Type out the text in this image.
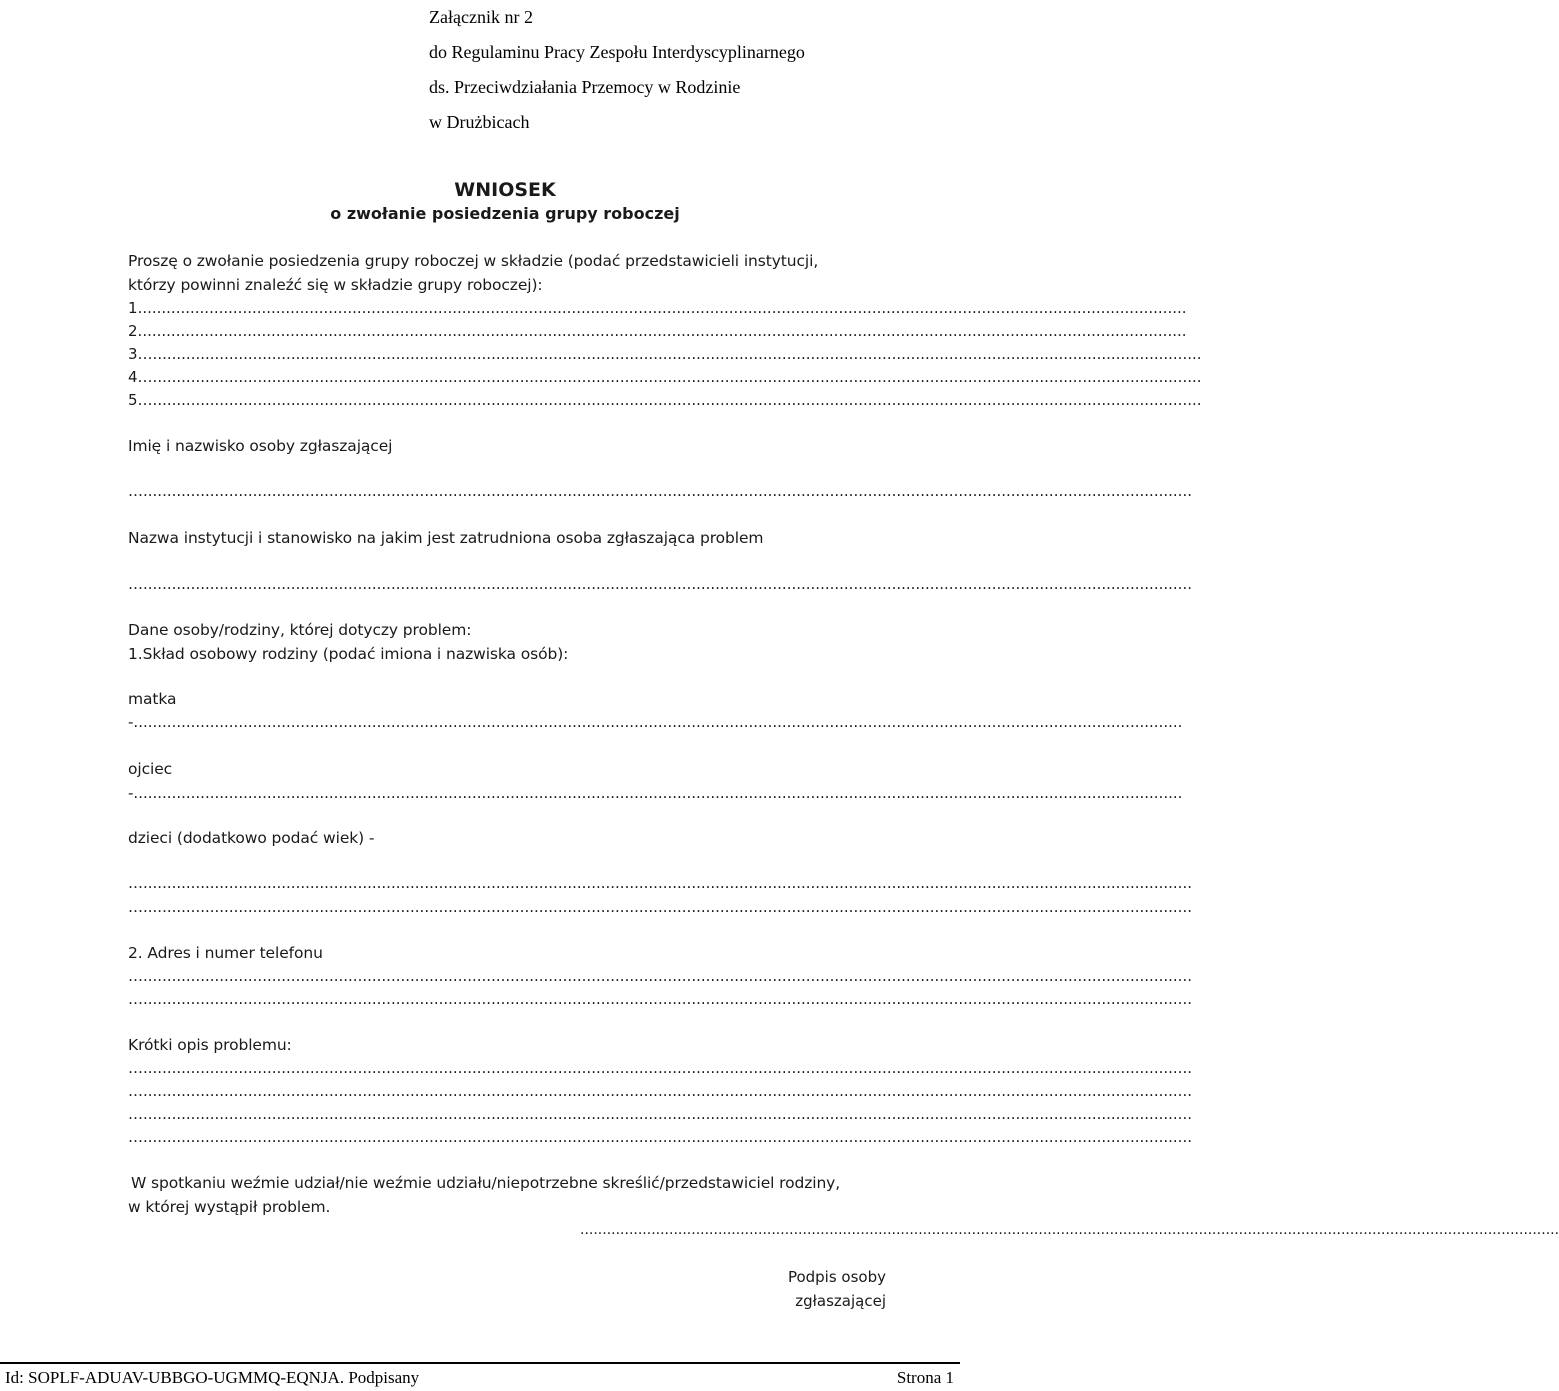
Załącznik nr 2
do Regulaminu Pracy Zespołu Interdyscyplinarnego
ds. Przeciwdziałania Przemocy w Rodzinie
w Drużbicach
WNIOSEK
o zwołanie posiedzenia grupy roboczej
Proszę o zwołanie posiedzenia grupy roboczej w składzie (podać przedstawicieli instytucji,
którzy powinni znaleźć się w składzie grupy roboczej):
1............................................................................................................................................................................................................................
2............................................................................................................................................................................................................................
3…............................................................................................................................................................................................................................
4…............................................................................................................................................................................................................................
5…............................................................................................................................................................................................................................
Imię i nazwisko osoby zgłaszającej
…............................................................................................................................................................................................................................
Nazwa instytucji i stanowisko na jakim jest zatrudniona osoba zgłaszająca problem
…............................................................................................................................................................................................................................
Dane osoby/rodziny, której dotyczy problem:
1.Skład osobowy rodziny (podać imiona i nazwiska osób):
matka
-............................................................................................................................................................................................................................
ojciec
-............................................................................................................................................................................................................................
dzieci (dodatkowo podać wiek) -
…............................................................................................................................................................................................................................
…............................................................................................................................................................................................................................
2. Adres i numer telefonu
…............................................................................................................................................................................................................................
…............................................................................................................................................................................................................................
Krótki opis problemu:
…............................................................................................................................................................................................................................
…............................................................................................................................................................................................................................
…............................................................................................................................................................................................................................
…............................................................................................................................................................................................................................
W spotkaniu weźmie udział/nie weźmie udziału/niepotrzebne skreślić/przedstawiciel rodziny,
w której wystąpił problem.
............................................................................................................................................................................................................................
Podpis osoby
zgłaszającej
Id: SOPLF-ADUAV-UBBGO-UGMMQ-EQNJA. Podpisany	Strona 1
